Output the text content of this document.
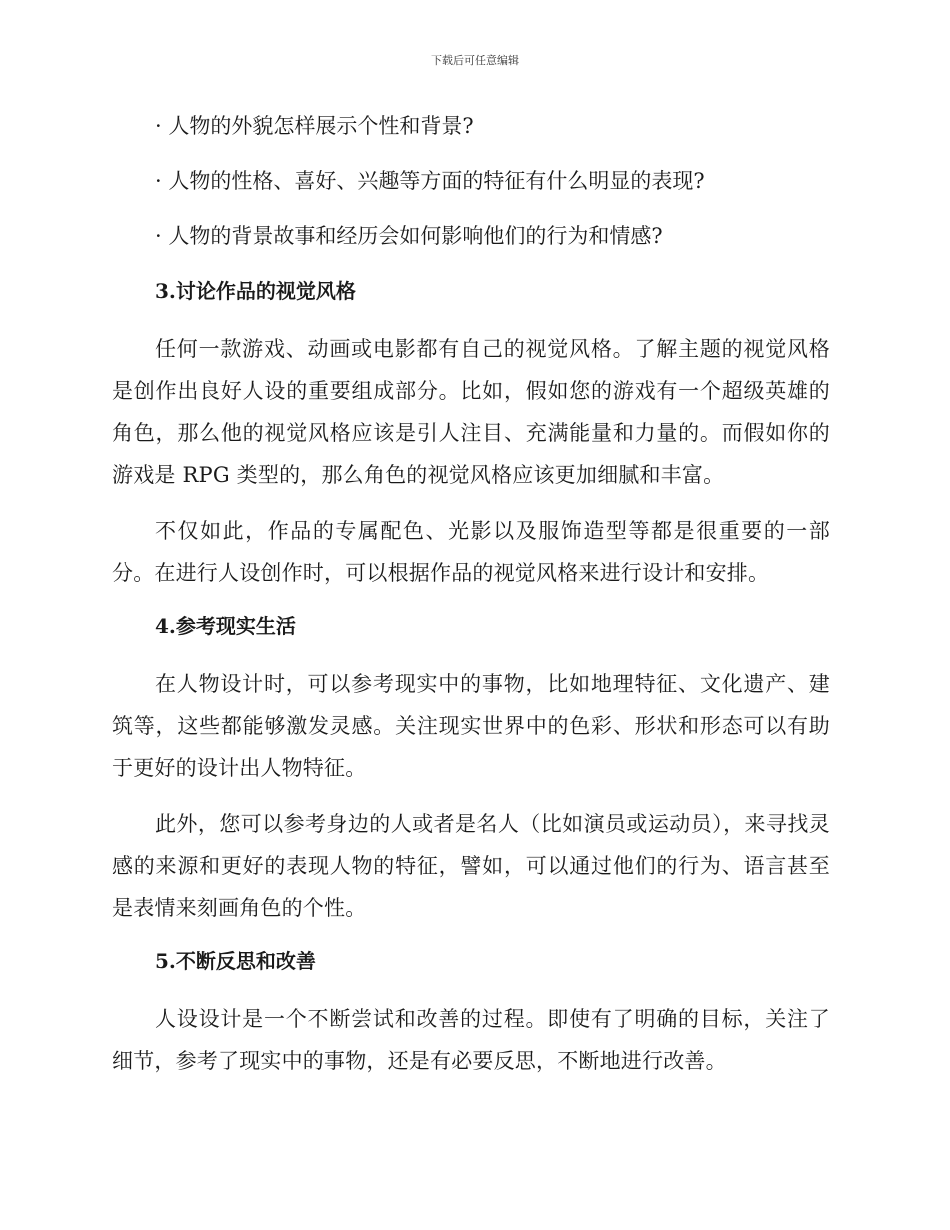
下载后可任意编辑

· 人物的外貌怎样展示个性和背景?

· 人物的性格、喜好、兴趣等方面的特征有什么明显的表现?

· 人物的背景故事和经历会如何影响他们的行为和情感?

3.讨论作品的视觉风格

任何一款游戏、动画或电影都有自己的视觉风格。了解主题的视觉风格是创作出良好人设的重要组成部分。比如，假如您的游戏有一个超级英雄的角色，那么他的视觉风格应该是引人注目、充满能量和力量的。而假如你的游戏是 RPG 类型的，那么角色的视觉风格应该更加细腻和丰富。

不仅如此，作品的专属配色、光影以及服饰造型等都是很重要的一部分。在进行人设创作时，可以根据作品的视觉风格来进行设计和安排。

4.参考现实生活

在人物设计时，可以参考现实中的事物，比如地理特征、文化遗产、建筑等，这些都能够激发灵感。关注现实世界中的色彩、形状和形态可以有助于更好的设计出人物特征。

此外，您可以参考身边的人或者是名人（比如演员或运动员），来寻找灵感的来源和更好的表现人物的特征，譬如，可以通过他们的行为、语言甚至是表情来刻画角色的个性。

5.不断反思和改善

人设设计是一个不断尝试和改善的过程。即使有了明确的目标，关注了细节，参考了现实中的事物，还是有必要反思，不断地进行改善。
